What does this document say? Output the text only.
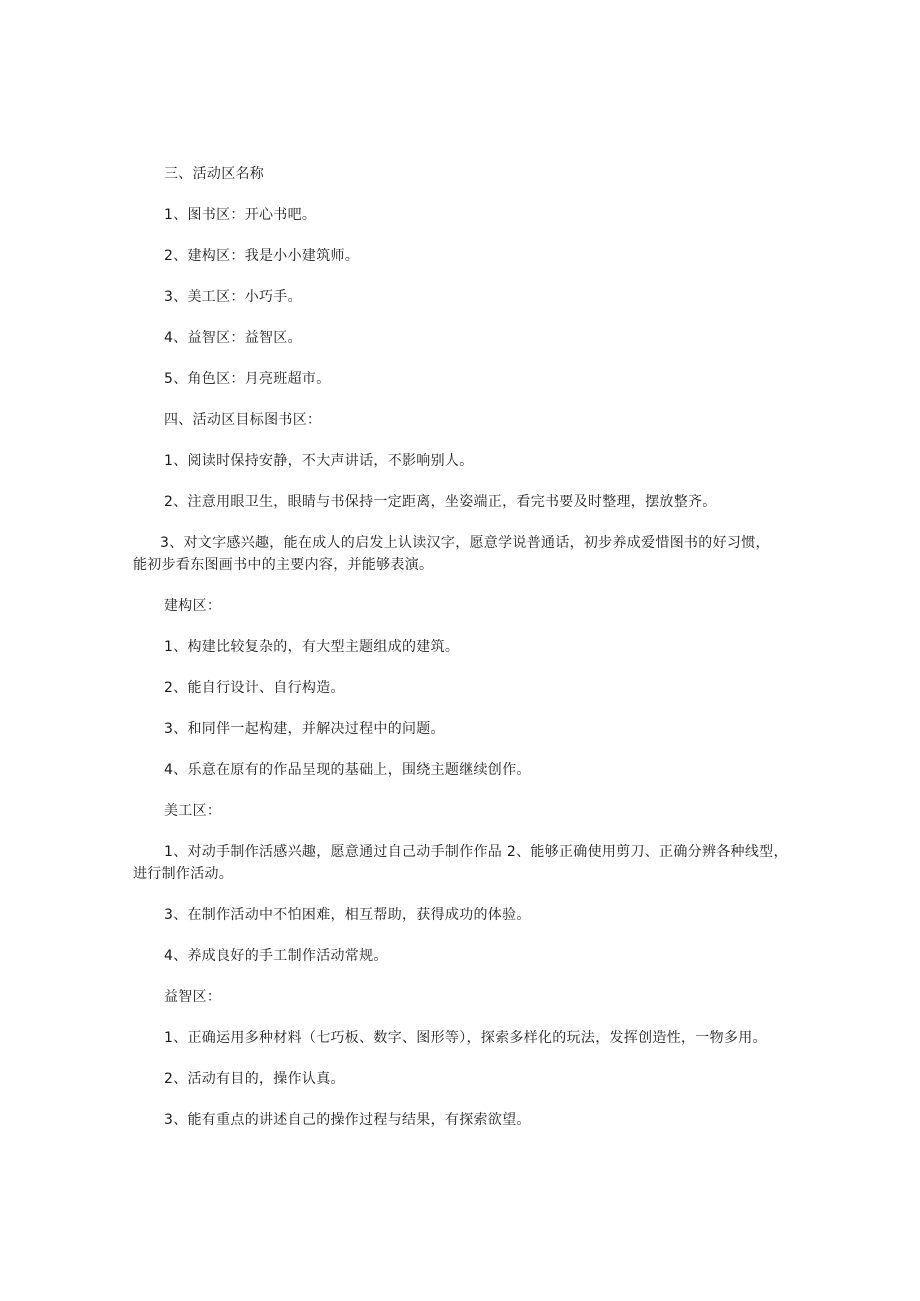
三、活动区名称
1、图书区：开心书吧。
2、建构区：我是小小建筑师。
3、美工区：小巧手。
4、益智区：益智区。
5、角色区：月亮班超市。
四、活动区目标图书区：
1、阅读时保持安静，不大声讲话，不影响别人。
2、注意用眼卫生，眼睛与书保持一定距离，坐姿端正，看完书要及时整理，摆放整齐。
3、对文字感兴趣，能在成人的启发上认读汉字，愿意学说普通话，初步养成爱惜图书的好习惯，
能初步看东图画书中的主要内容，并能够表演。
建构区：
1、构建比较复杂的，有大型主题组成的建筑。
2、能自行设计、自行构造。
3、和同伴一起构建，并解决过程中的问题。
4、乐意在原有的作品呈现的基础上，围绕主题继续创作。
美工区：
1、对动手制作活感兴趣，愿意通过自己动手制作作品 2、能够正确使用剪刀、正确分辨各种线型，
进行制作活动。
3、在制作活动中不怕困难，相互帮助，获得成功的体验。
4、养成良好的手工制作活动常规。
益智区：
1、正确运用多种材料（七巧板、数字、图形等），探索多样化的玩法，发挥创造性，一物多用。
2、活动有目的，操作认真。
3、能有重点的讲述自己的操作过程与结果，有探索欲望。
